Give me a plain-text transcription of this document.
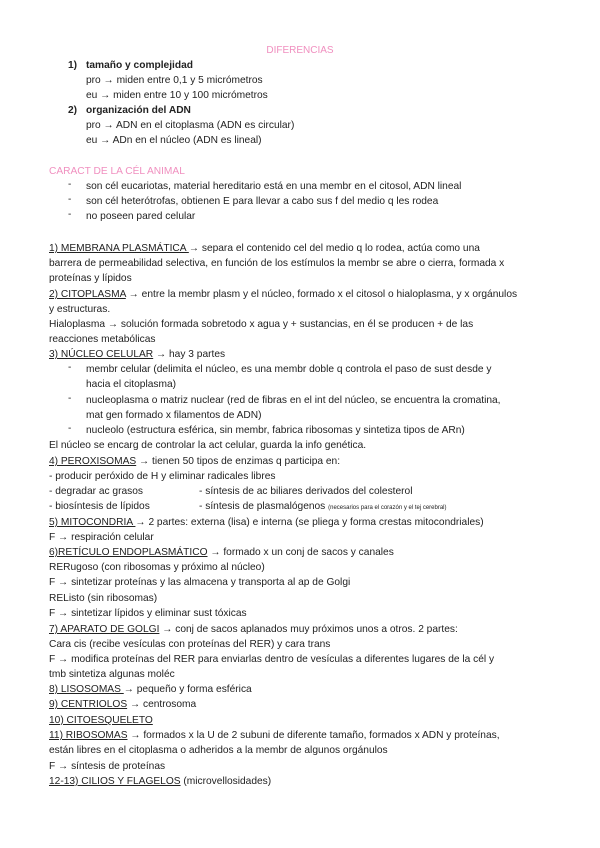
DIFERENCIAS
1) tamaño y complejidad
pro → miden entre 0,1 y 5 micrómetros
eu → miden entre 10 y 100 micrómetros
2) organización del ADN
pro → ADN en el citoplasma (ADN es circular)
eu → ADn en el núcleo (ADN es lineal)
CARACT DE LA CÉL ANIMAL
- son cél eucariotas, material hereditario está en una membr en el citosol, ADN lineal
- son cél heterótrofas, obtienen E para llevar a cabo sus f del medio q les rodea
- no poseen pared celular
1) MEMBRANA PLASMÁTICA → separa el contenido cel del medio q lo rodea, actúa como una
barrera de permeabilidad selectiva, en función de los estímulos la membr se abre o cierra, formada x
proteínas y lípidos
2) CITOPLASMA → entre la membr plasm y el núcleo, formado x el citosol o hialoplasma, y x orgánulos
y estructuras.
Hialoplasma → solución formada sobretodo x agua y + sustancias, en él se producen + de las
reacciones metabólicas
3) NÚCLEO CELULAR → hay 3 partes
- membr celular (delimita el núcleo, es una membr doble q controla el paso de sust desde y
hacia el citoplasma)
- nucleoplasma o matriz nuclear (red de fibras en el int del núcleo, se encuentra la cromatina,
mat gen formado x filamentos de ADN)
- nucleolo (estructura esférica, sin membr, fabrica ribosomas y sintetiza tipos de ARn)
El núcleo se encarg de controlar la act celular, guarda la info genética.
4) PEROXISOMAS → tienen 50 tipos de enzimas q participa en:
- producir peróxido de H y eliminar radicales libres
- degradar ac grasos	- síntesis de ac biliares derivados del colesterol
- biosíntesis de lípidos	- síntesis de plasmalógenos (necesarios para el corazón y el tej cerebral)
5) MITOCONDRIA → 2 partes: externa (lisa) e interna (se pliega y forma crestas mitocondriales)
F → respiración celular
6)RETÍCULO ENDOPLASMÁTICO → formado x un conj de sacos y canales
RERugoso (con ribosomas y próximo al núcleo)
F → sintetizar proteínas y las almacena y transporta al ap de Golgi
REListo (sin ribosomas)
F → sintetizar lípidos y eliminar sust tóxicas
7) APARATO DE GOLGI → conj de sacos aplanados muy próximos unos a otros. 2 partes:
Cara cis (recibe vesículas con proteínas del RER) y cara trans
F → modifica proteínas del RER para enviarlas dentro de vesículas a diferentes lugares de la cél y
tmb sintetiza algunas moléc
8) LISOSOMAS → pequeño y forma esférica
9) CENTRIOLOS → centrosoma
10) CITOESQUELETO
11) RIBOSOMAS → formados x la U de 2 subuni de diferente tamaño, formados x ADN y proteínas,
están libres en el citoplasma o adheridos a la membr de algunos orgánulos
F → síntesis de proteínas
12-13) CILIOS Y FLAGELOS (microvellosidades)
